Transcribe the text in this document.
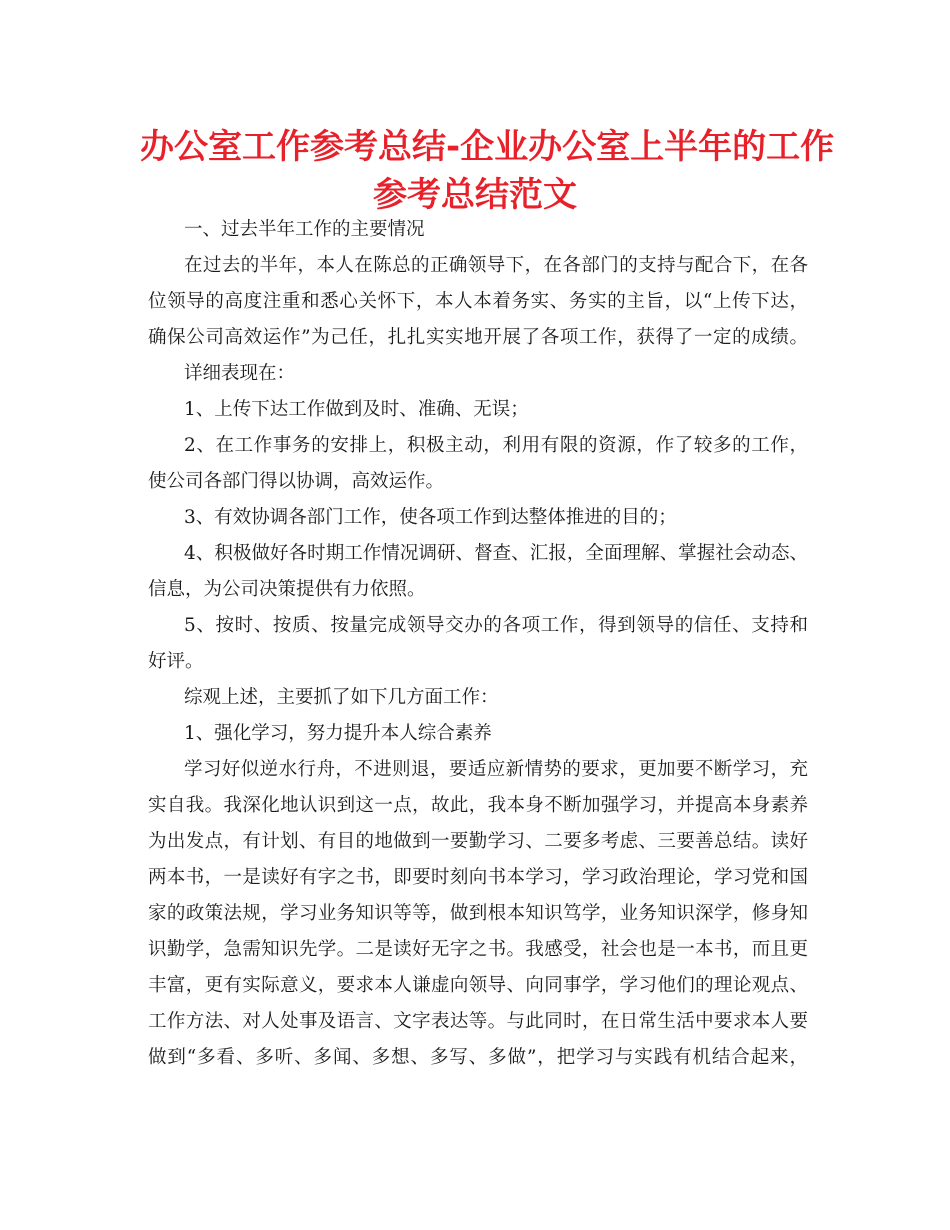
办公室工作参考总结-企业办公室上半年的工作
参考总结范文
一、过去半年工作的主要情况
在过去的半年，本人在陈总的正确领导下，在各部门的支持与配合下，在各
位领导的高度注重和悉心关怀下，本人本着务实、务实的主旨，以“上传下达，
确保公司高效运作”为己任，扎扎实实地开展了各项工作，获得了一定的成绩。
详细表现在：
1、上传下达工作做到及时、准确、无误；
2、在工作事务的安排上，积极主动，利用有限的资源，作了较多的工作，
使公司各部门得以协调，高效运作。
3、有效协调各部门工作，使各项工作到达整体推进的目的；
4、积极做好各时期工作情况调研、督查、汇报，全面理解、掌握社会动态、
信息，为公司决策提供有力依照。
5、按时、按质、按量完成领导交办的各项工作，得到领导的信任、支持和
好评。
综观上述，主要抓了如下几方面工作：
1、强化学习，努力提升本人综合素养
学习好似逆水行舟，不进则退，要适应新情势的要求，更加要不断学习，充
实自我。我深化地认识到这一点，故此，我本身不断加强学习，并提高本身素养
为出发点，有计划、有目的地做到一要勤学习、二要多考虑、三要善总结。读好
两本书，一是读好有字之书，即要时刻向书本学习，学习政治理论，学习党和国
家的政策法规，学习业务知识等等，做到根本知识笃学，业务知识深学，修身知
识勤学，急需知识先学。二是读好无字之书。我感受，社会也是一本书，而且更
丰富，更有实际意义，要求本人谦虚向领导、向同事学，学习他们的理论观点、
工作方法、对人处事及语言、文字表达等。与此同时，在日常生活中要求本人要
做到“多看、多听、多闻、多想、多写、多做”，把学习与实践有机结合起来，
